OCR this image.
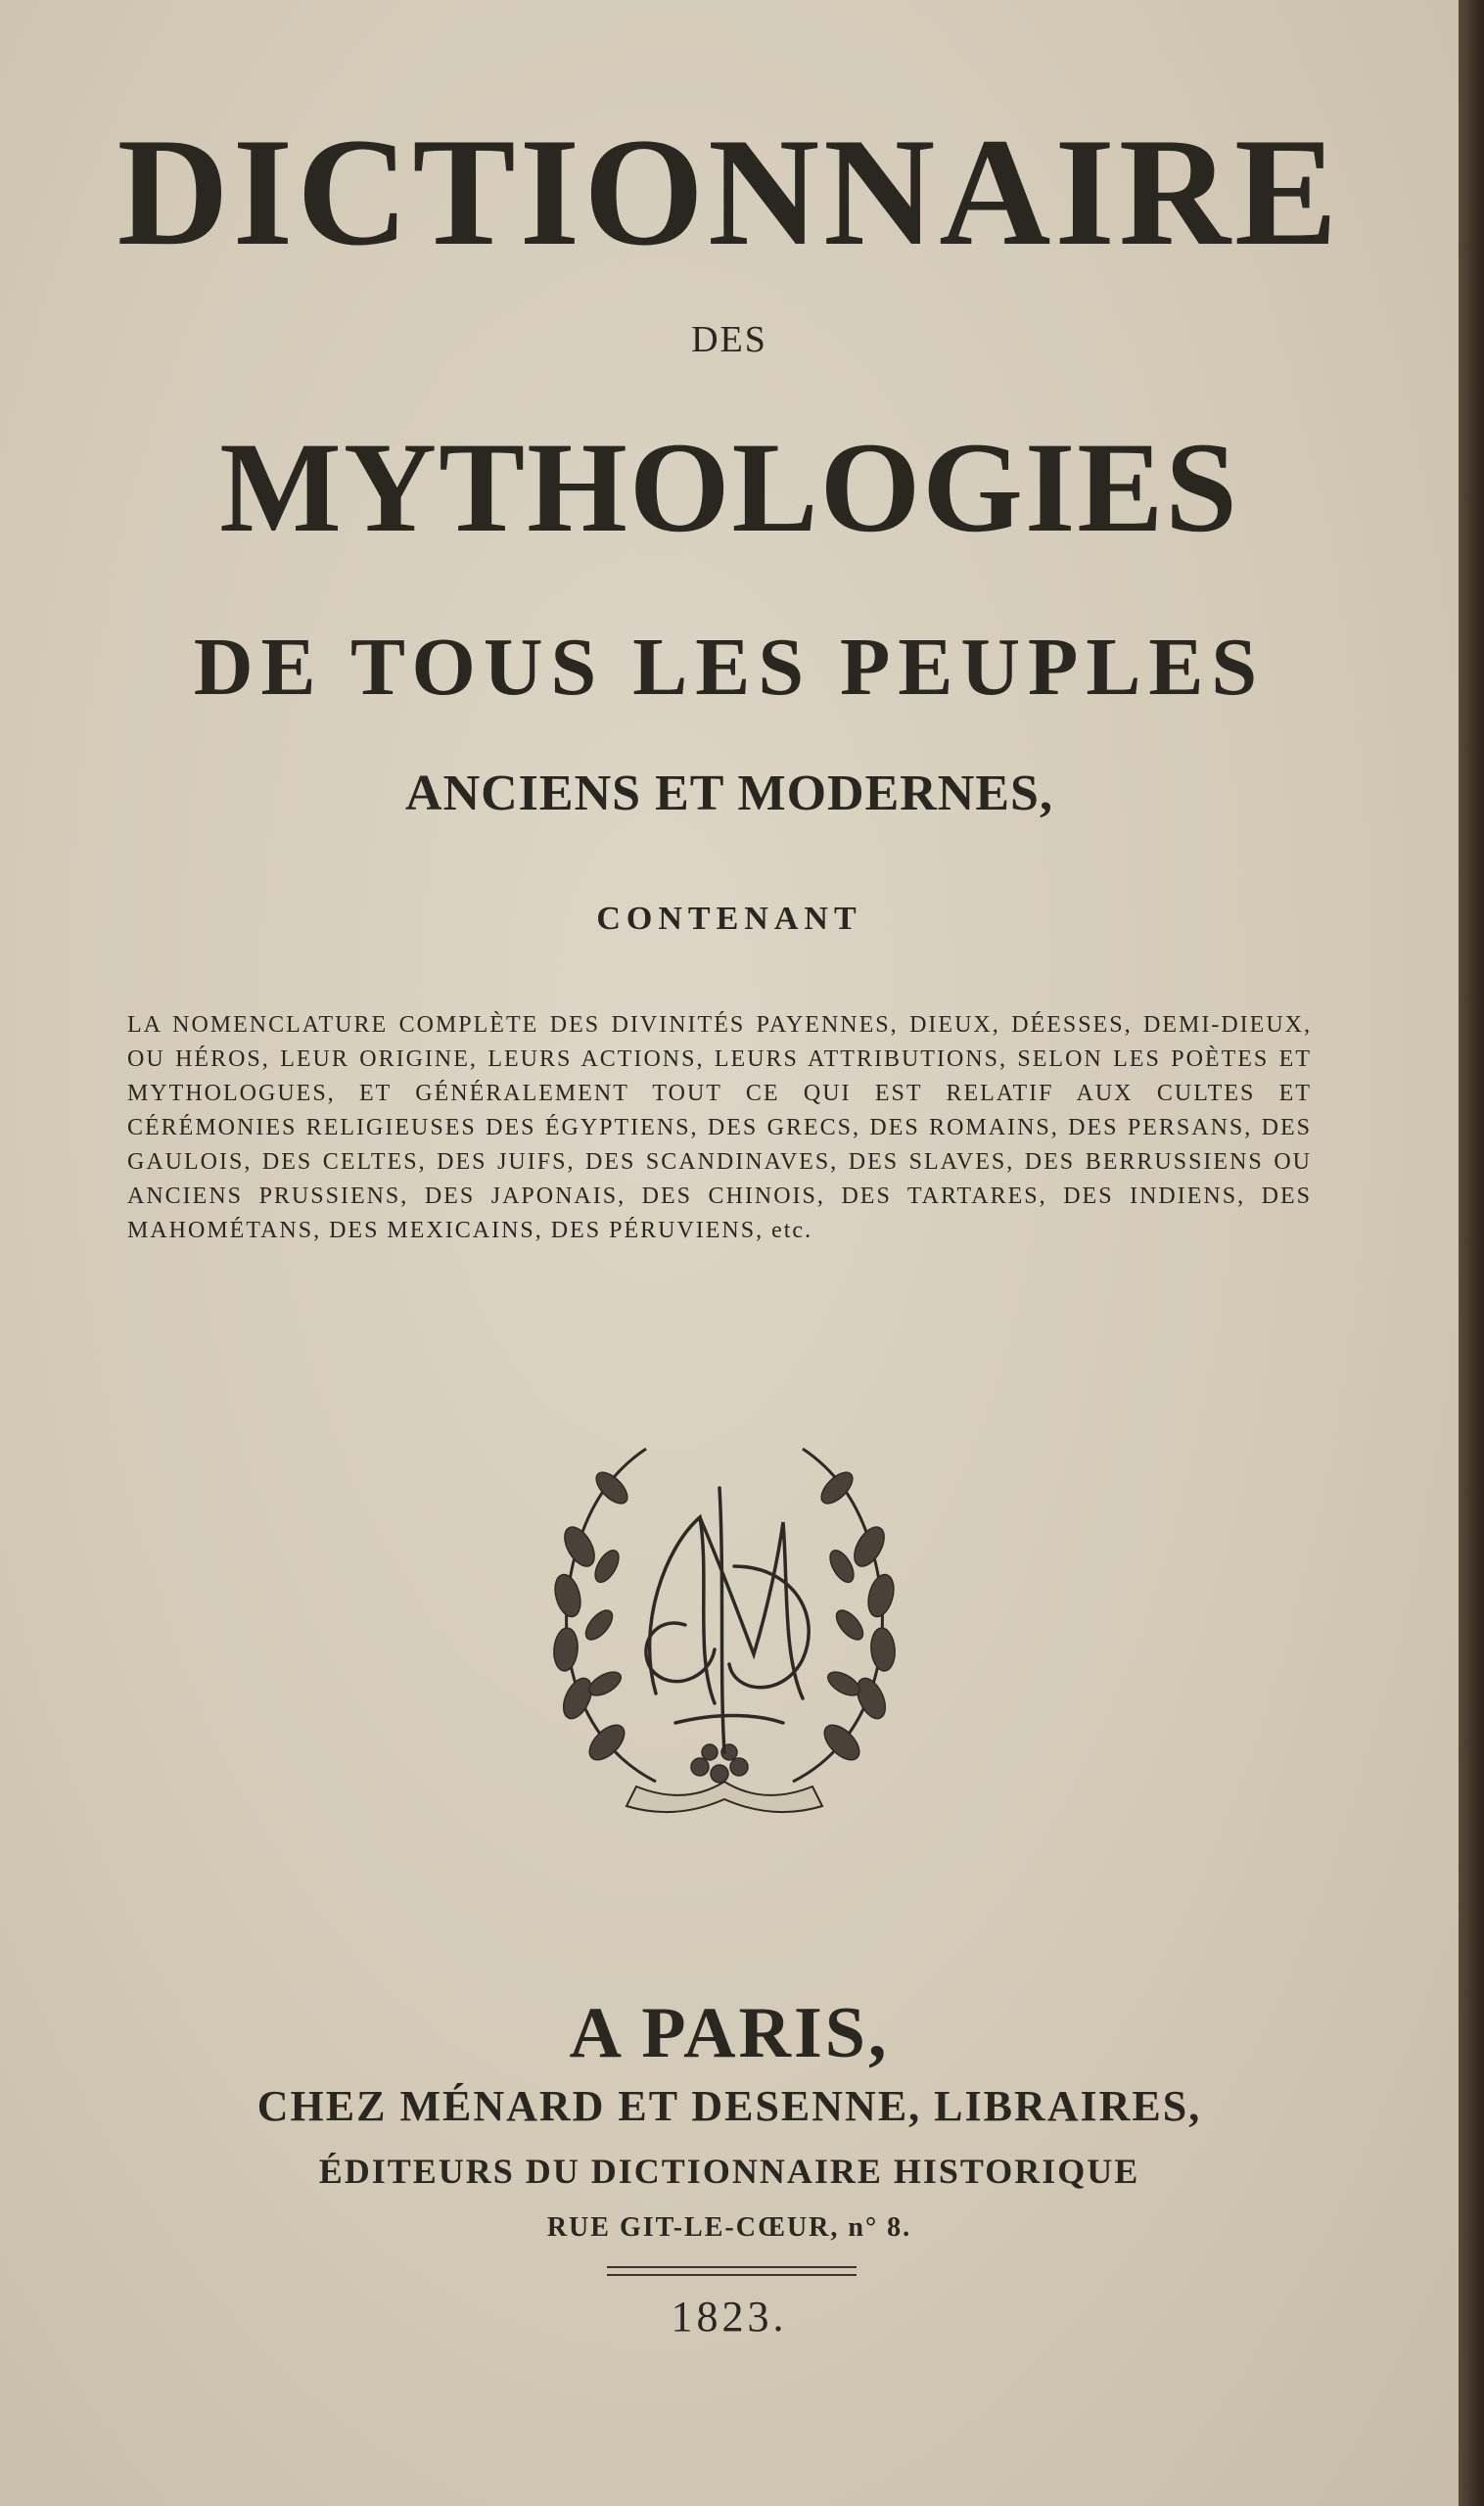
DICTIONNAIRE
DES
MYTHOLOGIES
DE TOUS LES PEUPLES
ANCIENS ET MODERNES,
CONTENANT
LA NOMENCLATURE COMPLÈTE DES DIVINITÉS PAYENNES, DIEUX, DÉESSES, DEMI-DIEUX, OU HÉROS, LEUR ORIGINE, LEURS ACTIONS, LEURS ATTRIBUTIONS, SELON LES POÈTES ET MYTHOLOGUES, ET GÉNÉRALEMENT TOUT CE QUI EST RELATIF AUX CULTES ET CÉRÉMONIES RELIGIEUSES DES ÉGYPTIENS, DES GRECS, DES ROMAINS, DES PERSANS, DES GAULOIS, DES CELTES, DES JUIFS, DES SCANDINAVES, DES SLAVES, DES BERRUSSIENS OU ANCIENS PRUSSIENS, DES JAPONAIS, DES CHINOIS, DES TARTARES, DES INDIENS, DES MAHOMÉTANS, DES MEXICAINS, DES PÉRUVIENS, etc.
A PARIS,
CHEZ MÉNARD ET DESENNE, LIBRAIRES,
ÉDITEURS DU DICTIONNAIRE HISTORIQUE
RUE GIT-LE-CŒUR, n° 8.
1823.
